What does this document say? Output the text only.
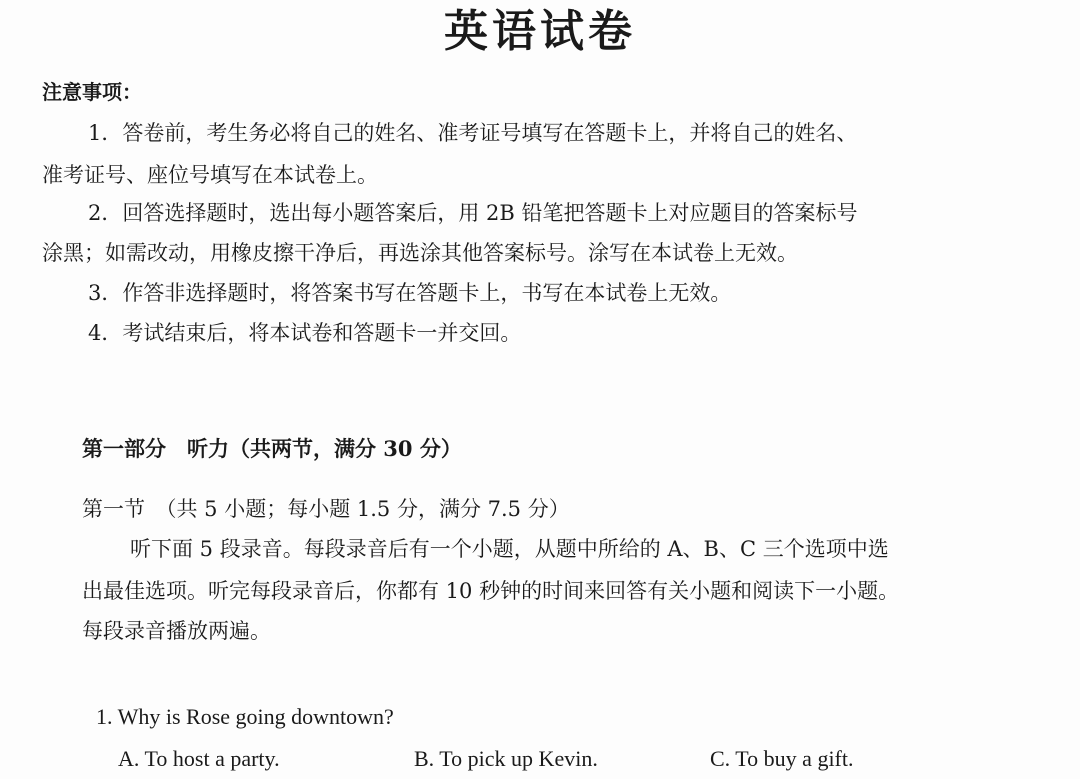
英语试卷
注意事项：
1．答卷前，考生务必将自己的姓名、准考证号填写在答题卡上，并将自己的姓名、
准考证号、座位号填写在本试卷上。
2．回答选择题时，选出每小题答案后，用 2B 铅笔把答题卡上对应题目的答案标号
涂黑；如需改动，用橡皮擦干净后，再选涂其他答案标号。涂写在本试卷上无效。
3．作答非选择题时，将答案书写在答题卡上，书写在本试卷上无效。
4．考试结束后，将本试卷和答题卡一并交回。
第一部分　听力（共两节，满分 30 分）
第一节　（共 5 小题；每小题 1.5 分，满分 7.5 分）
听下面 5 段录音。每段录音后有一个小题，从题中所给的 A、B、C 三个选项中选
出最佳选项。听完每段录音后，你都有 10 秒钟的时间来回答有关小题和阅读下一小题。
每段录音播放两遍。
1. Why is Rose going downtown?
A. To host a party.	B. To pick up Kevin.	C. To buy a gift.
